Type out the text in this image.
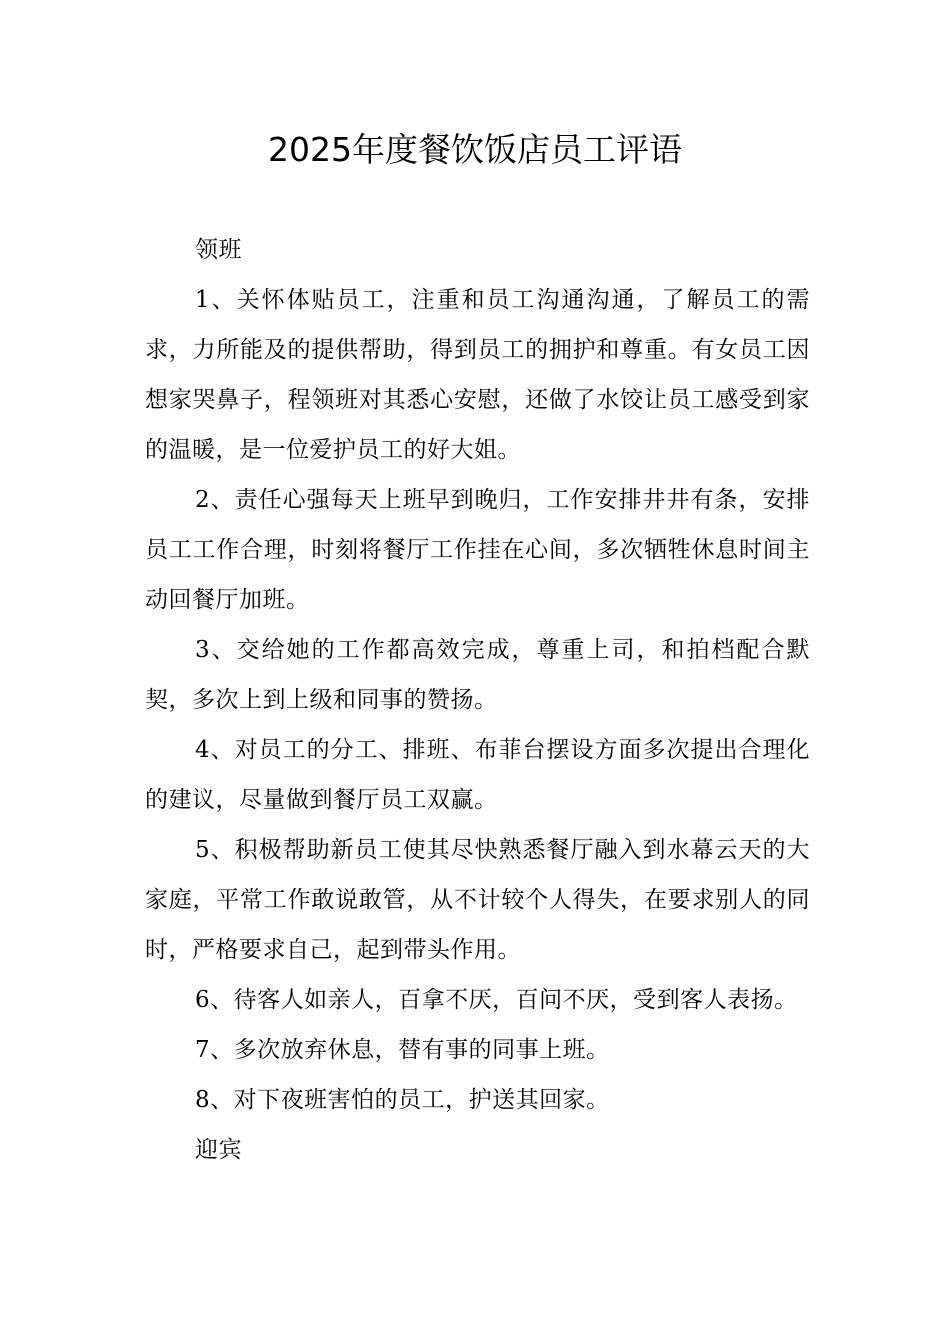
2025年度餐饮饭店员工评语

领班

1、关怀体贴员工，注重和员工沟通沟通，了解员工的需求，力所能及的提供帮助，得到员工的拥护和尊重。有女员工因想家哭鼻子，程领班对其悉心安慰，还做了水饺让员工感受到家的温暖，是一位爱护员工的好大姐。

2、责任心强每天上班早到晚归，工作安排井井有条，安排员工工作合理，时刻将餐厅工作挂在心间，多次牺牲休息时间主动回餐厅加班。

3、交给她的工作都高效完成，尊重上司，和拍档配合默契，多次上到上级和同事的赞扬。

4、对员工的分工、排班、布菲台摆设方面多次提出合理化的建议，尽量做到餐厅员工双赢。

5、积极帮助新员工使其尽快熟悉餐厅融入到水幕云天的大家庭，平常工作敢说敢管，从不计较个人得失，在要求别人的同时，严格要求自己，起到带头作用。

6、待客人如亲人，百拿不厌，百问不厌，受到客人表扬。

7、多次放弃休息，替有事的同事上班。

8、对下夜班害怕的员工，护送其回家。

迎宾
